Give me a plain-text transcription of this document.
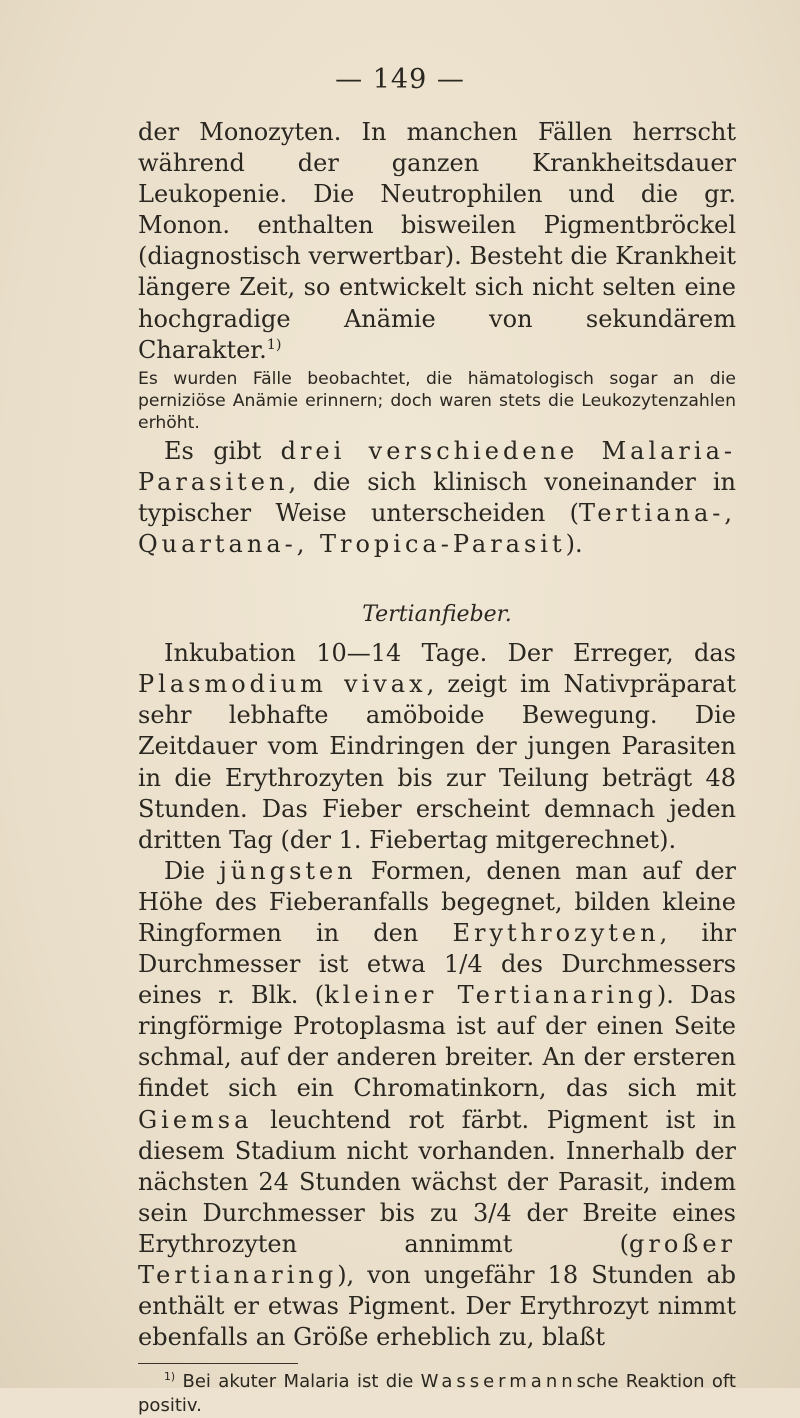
— 149 —

der Monozyten. In manchen Fällen herrscht während der ganzen Krankheitsdauer Leukopenie. Die Neutrophilen und die gr. Monon. enthalten bisweilen Pigmentbröckel (diagnostisch verwertbar). Besteht die Krankheit längere Zeit, so entwickelt sich nicht selten eine hochgradige Anämie von sekundärem Charakter.$^{1)}$

Es wurden Fälle beobachtet, die hämatologisch sogar an die perniziöse Anämie erinnern; doch waren stets die Leukozytenzahlen erhöht.

Es gibt drei verschiedene Malaria-Parasiten, die sich klinisch voneinander in typischer Weise unterscheiden (Tertiana-, Quartana-, Tropica-Parasit).

Tertianfieber.

Inkubation 10—14 Tage. Der Erreger, das Plasmodium vivax, zeigt im Nativpräparat sehr lebhafte amöboide Bewegung. Die Zeitdauer vom Eindringen der jungen Parasiten in die Erythrozyten bis zur Teilung beträgt 48 Stunden. Das Fieber erscheint demnach jeden dritten Tag (der 1. Fiebertag mitgerechnet).

Die jüngsten Formen, denen man auf der Höhe des Fieberanfalls begegnet, bilden kleine Ringformen in den Erythrozyten, ihr Durchmesser ist etwa 1/4 des Durchmessers eines r. Blk. (kleiner Tertianaring). Das ringförmige Protoplasma ist auf der einen Seite schmal, auf der anderen breiter. An der ersteren findet sich ein Chromatinkorn, das sich mit Giemsa leuchtend rot färbt. Pigment ist in diesem Stadium nicht vorhanden. Innerhalb der nächsten 24 Stunden wächst der Parasit, indem sein Durchmesser bis zu 3/4 der Breite eines Erythrozyten annimmt (großer Tertianaring), von ungefähr 18 Stunden ab enthält er etwas Pigment. Der Erythrozyt nimmt ebenfalls an Größe erheblich zu, blaßt

$^{1)}$ Bei akuter Malaria ist die Wassermannsche Reaktion oft positiv.
